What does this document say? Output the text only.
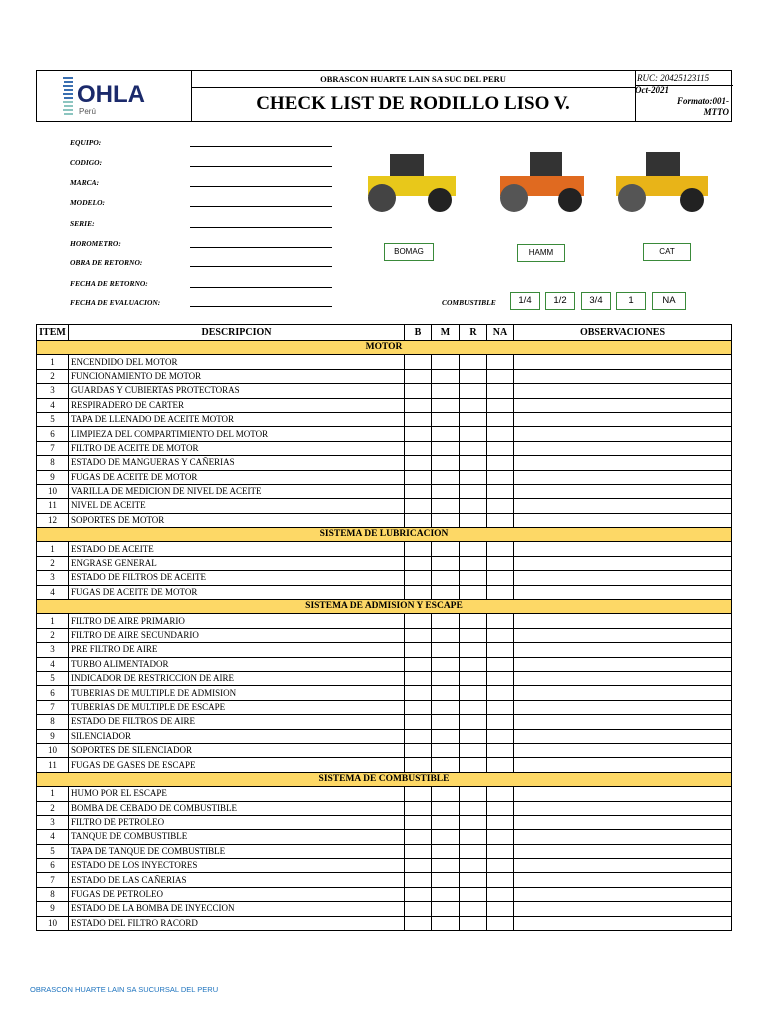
OHLA
Perú
OBRASCON HUARTE LAIN SA SUC DEL PERU
CHECK LIST DE RODILLO LISO V.
RUC: 20425123115
Oct-2021
Formato:001-
MTTO
EQUIPO:
CODIGO:
MARCA:
MODELO:
SERIE:
HOROMETRO:
OBRA DE RETORNO:
FECHA DE RETORNO:
FECHA DE EVALUACION:
BOMAG	HAMM	CAT
COMBUSTIBLE	1/4	1/2	3/4	1	NA
ITEM	DESCRIPCION	B	M	R	NA	OBSERVACIONES
MOTOR						
1	ENCENDIDO DEL MOTOR					
2	FUNCIONAMIENTO DE MOTOR					
3	GUARDAS Y CUBIERTAS PROTECTORAS					
4	RESPIRADERO DE CARTER					
5	TAPA DE LLENADO DE ACEITE MOTOR					
6	LIMPIEZA DEL COMPARTIMIENTO DEL MOTOR					
7	FILTRO DE ACEITE DE MOTOR					
8	ESTADO DE MANGUERAS Y CAÑERIAS					
9	FUGAS DE ACEITE DE MOTOR					
10	VARILLA DE MEDICION DE NIVEL DE ACEITE					
11	NIVEL DE ACEITE					
12	SOPORTES DE MOTOR					
SISTEMA DE LUBRICACION						
1	ESTADO DE ACEITE					
2	ENGRASE GENERAL					
3	ESTADO DE FILTROS DE ACEITE					
4	FUGAS DE ACEITE DE MOTOR					
SISTEMA DE ADMISION Y ESCAPE						
1	FILTRO DE AIRE PRIMARIO					
2	FILTRO DE AIRE SECUNDARIO					
3	PRE FILTRO DE AIRE					
4	TURBO ALIMENTADOR					
5	INDICADOR DE RESTRICCION DE AIRE					
6	TUBERIAS DE MULTIPLE DE ADMISION					
7	TUBERIAS DE MULTIPLE DE ESCAPE					
8	ESTADO DE FILTROS DE AIRE					
9	SILENCIADOR					
10	SOPORTES DE SILENCIADOR					
11	FUGAS DE GASES DE ESCAPE					
SISTEMA DE COMBUSTIBLE						
1	HUMO POR EL ESCAPE					
2	BOMBA DE CEBADO DE COMBUSTIBLE					
3	FILTRO DE PETROLEO					
4	TANQUE DE COMBUSTIBLE					
5	TAPA DE TANQUE DE COMBUSTIBLE					
6	ESTADO DE LOS INYECTORES					
7	ESTADO DE LAS CAÑERIAS					
8	FUGAS DE PETROLEO					
9	ESTADO DE LA BOMBA DE INYECCION					
10	ESTADO DEL FILTRO RACORD					
OBRASCON HUARTE LAIN SA SUCURSAL DEL PERU
